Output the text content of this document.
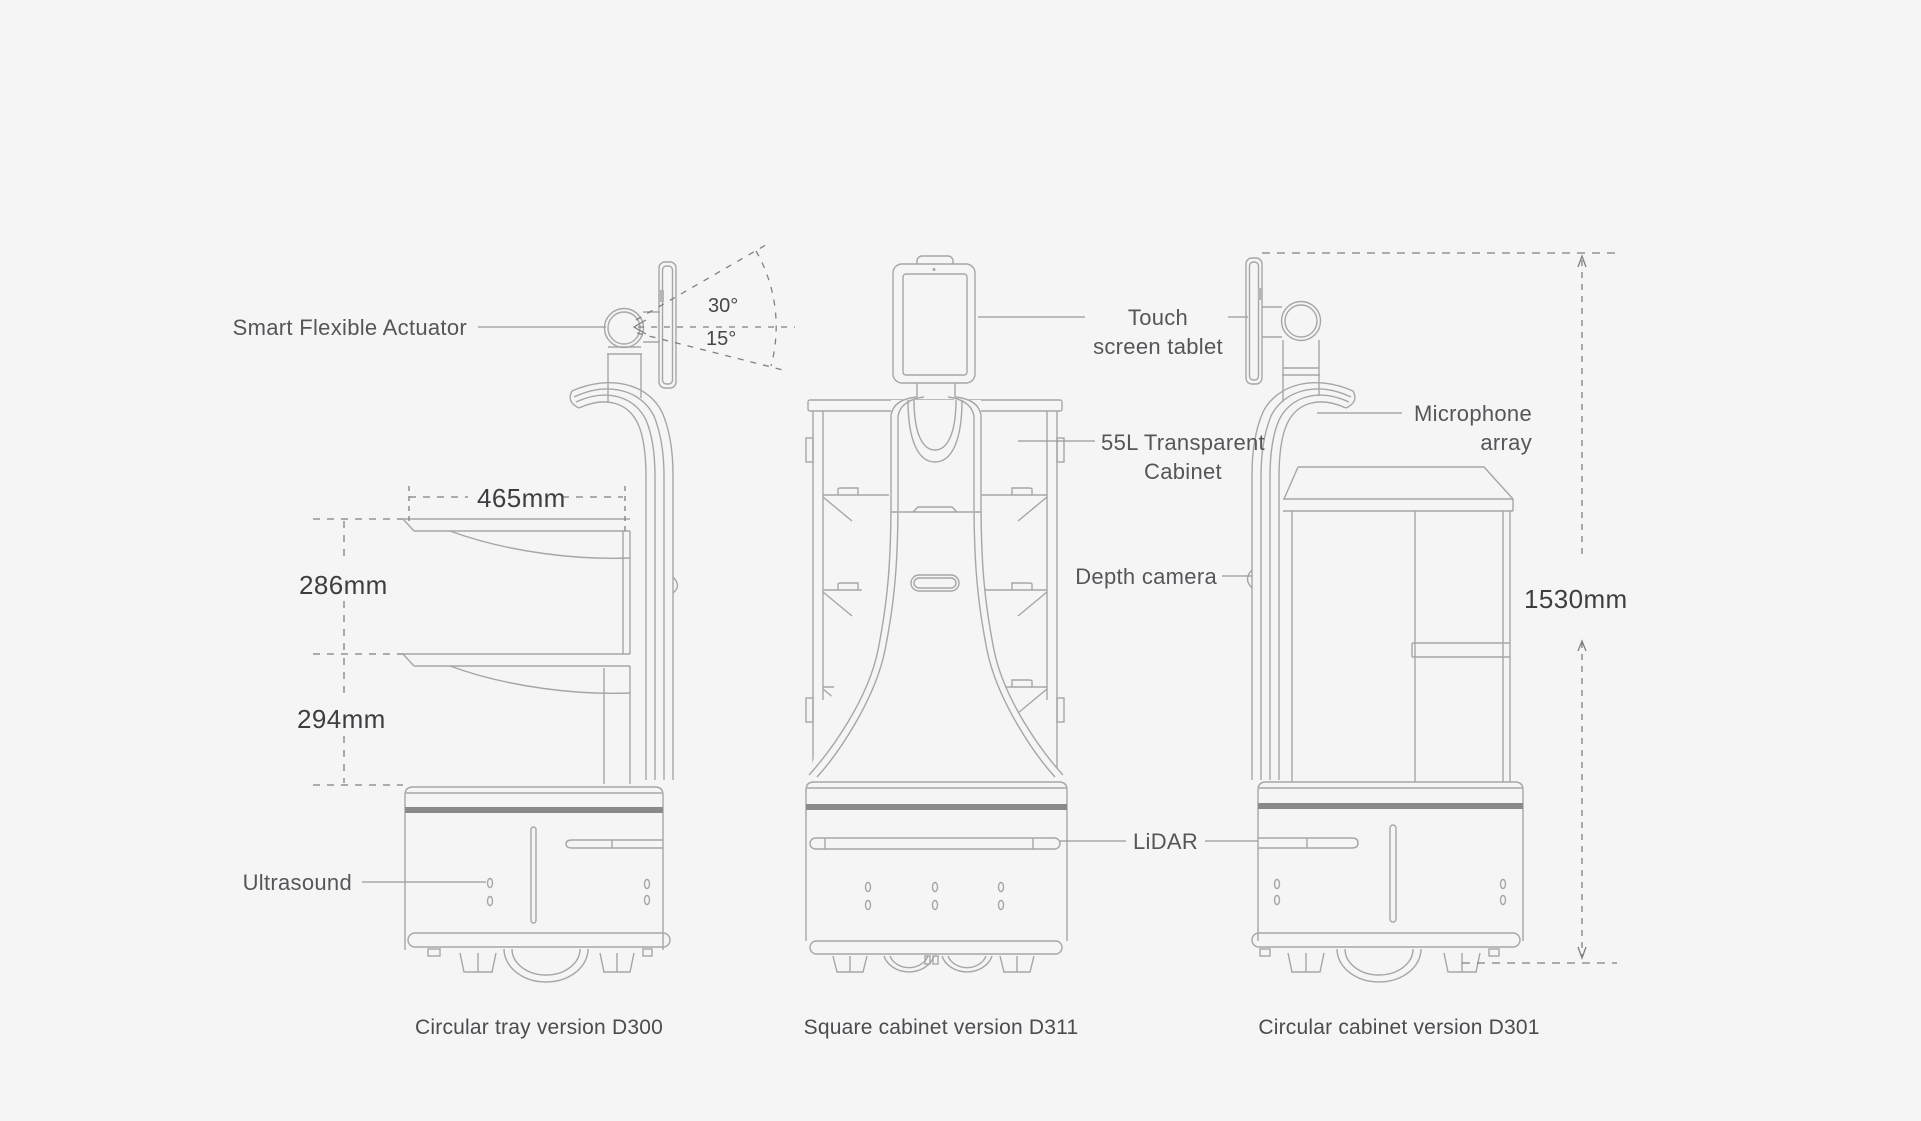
Smart Flexible Actuator
Ultrasound
Touch
screen tablet
55L Transparent
Cabinet
Depth camera
LiDAR
Microphone
array
465mm
286mm
294mm
1530mm
30°
15°
Circular tray version D300	Square cabinet version D311	Circular cabinet version D301
